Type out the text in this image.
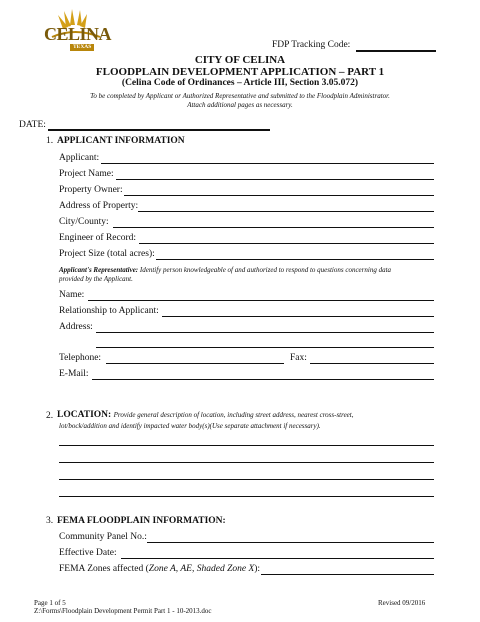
CELINA
TEXAS	FDP Tracking Code:
CITY OF CELINA
FLOODPLAIN DEVELOPMENT APPLICATION – PART 1
(Celina Code of Ordinances – Article III, Section 3.05.072)
To be completed by Applicant or Authorized Representative and submitted to the Floodplain Administrator.
Attach additional pages as necessary.
DATE:
1. APPLICANT INFORMATION
Applicant:
Project Name:
Property Owner:
Address of Property:
City/County:
Engineer of Record:
Project Size (total acres):
Applicant's Representative: Identify person knowledgeable of and authorized to respond to questions concerning data
provided by the Applicant.
Name:
Relationship to Applicant:
Address:
Telephone:	Fax:
E-Mail:
2. LOCATION: Provide general description of location, including street address, nearest cross-street,
lot/bock/addition and identify impacted water body(s)(Use separate attachment if necessary).
3. FEMA FLOODPLAIN INFORMATION:
Community Panel No.:
Effective Date:
FEMA Zones affected (Zone A, AE, Shaded Zone X):
Page 1 of 5
Z:\Forms\Floodplain Development Permit Part 1 - 10-2013.doc
Revised 09/2016
